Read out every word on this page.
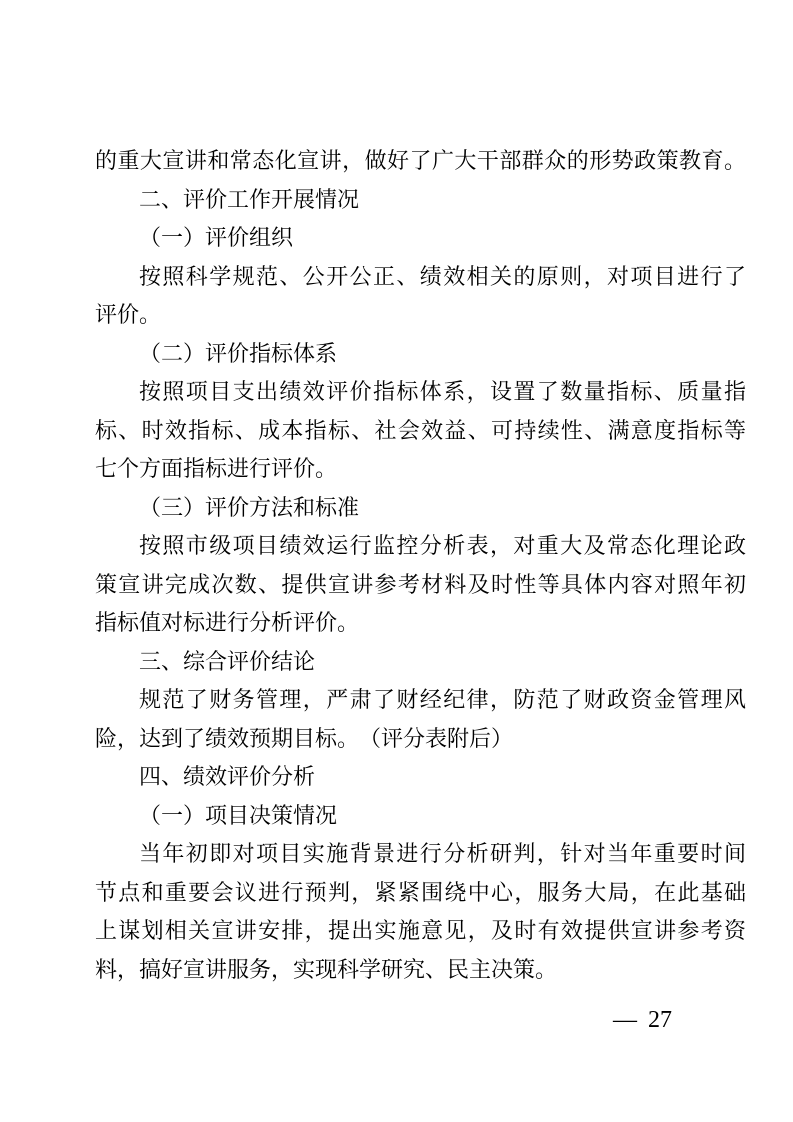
的重大宣讲和常态化宣讲，做好了广大干部群众的形势政策教育。
二、评价工作开展情况
（一）评价组织
按照科学规范、公开公正、绩效相关的原则，对项目进行了
评价。
（二）评价指标体系
按照项目支出绩效评价指标体系，设置了数量指标、质量指
标、时效指标、成本指标、社会效益、可持续性、满意度指标等
七个方面指标进行评价。
（三）评价方法和标准
按照市级项目绩效运行监控分析表，对重大及常态化理论政
策宣讲完成次数、提供宣讲参考材料及时性等具体内容对照年初
指标值对标进行分析评价。
三、综合评价结论
规范了财务管理，严肃了财经纪律，防范了财政资金管理风
险，达到了绩效预期目标。　（评分表附后）
四、绩效评价分析
（一）项目决策情况
当年初即对项目实施背景进行分析研判，针对当年重要时间
节点和重要会议进行预判，紧紧围绕中心，服务大局，在此基础
上谋划相关宣讲安排，提出实施意见，及时有效提供宣讲参考资
料，搞好宣讲服务，实现科学研究、民主决策。
— 27
